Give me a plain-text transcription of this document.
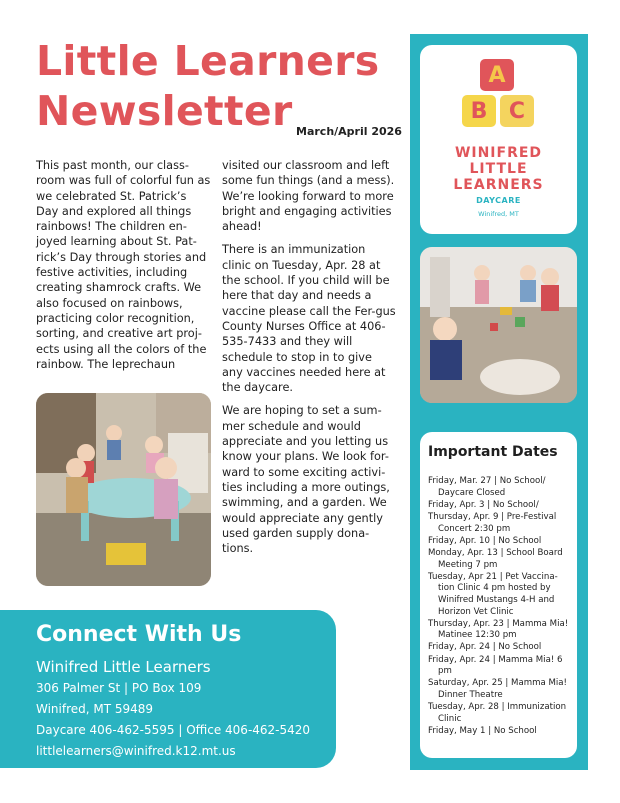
Little Learners Newsletter March/April 2026

This past month, our class-room was full of colorful fun as we celebrated St. Patrick’s Day and explored all things rainbows! The children en-joyed learning about St. Pat-rick’s Day through stories and festive activities, including creating shamrock crafts. We also focused on rainbows, practicing color recognition, sorting, and creative art proj-ects using all the colors of the rainbow. The leprechaun

visited our classroom and left some fun things (and a mess). We’re looking forward to more bright and engaging activities ahead!

There is an immunization clinic on Tuesday, Apr. 28 at the school. If you child will be here that day and needs a vaccine please call the Fer-gus County Nurses Office at 406-535-7433 and they will schedule to stop in to give any vaccines needed here at the daycare.

We are hoping to set a sum-mer schedule and would appreciate and you letting us know your plans. We look for-ward to some exciting activi-ties including a more outings, swimming, and a garden. We would appreciate any gently used garden supply dona-tions.

A
B C
WINIFRED
LITTLE
LEARNERS
DAYCARE
Winifred, MT
Important Dates
Friday, Mar. 27 | No School/ Daycare Closed
Friday, Apr. 3 | No School/
Thursday, Apr. 9 | Pre-Festival Concert 2:30 pm
Friday, Apr. 10 | No School
Monday, Apr. 13 | School Board Meeting 7 pm
Tuesday, Apr 21 | Pet Vaccina-tion Clinic 4 pm hosted by Winifred Mustangs 4-H and Horizon Vet Clinic
Thursday, Apr. 23 | Mamma Mia! Matinee 12:30 pm
Friday, Apr. 24 | No School
Friday, Apr. 24 | Mamma Mia! 6 pm
Saturday, Apr. 25 | Mamma Mia! Dinner Theatre
Tuesday, Apr. 28 | Immunization Clinic
Friday, May 1 | No School
Connect With Us
Winifred Little Learners
306 Palmer St | PO Box 109
Winifred, MT 59489
Daycare 406-462-5595 | Office 406-462-5420
littlelearners@winifred.k12.mt.us
